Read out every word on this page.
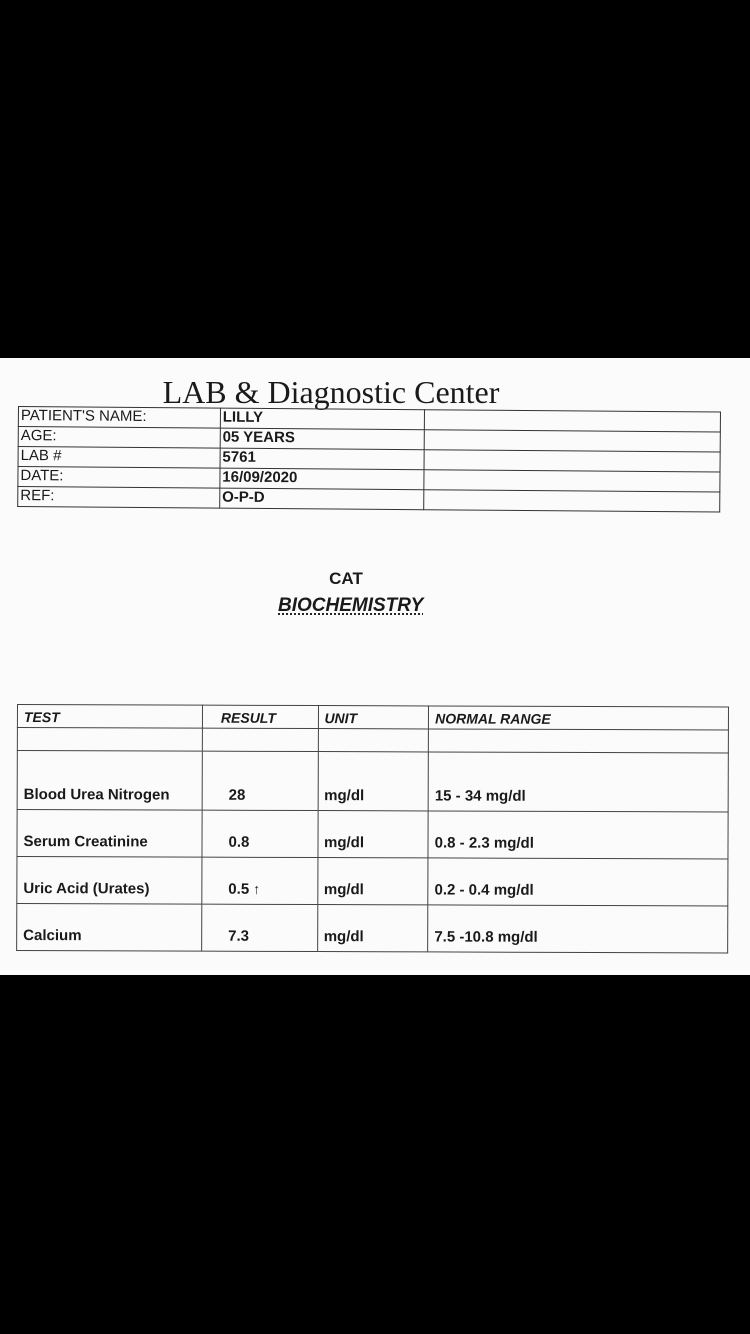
LAB & Diagnostic Center
PATIENT'S NAME:	LILLY	
AGE:	05 YEARS	
LAB #	5761	
DATE:	16/09/2020	
REF:	O-P-D	
CAT
BIOCHEMISTRY
TEST	RESULT	UNIT	NORMAL RANGE

Blood Urea Nitrogen	28	mg/dl	15 - 34 mg/dl
Serum Creatinine	0.8	mg/dl	0.8 - 2.3 mg/dl
Uric Acid (Urates)	0.5 ↑	mg/dl	0.2 - 0.4 mg/dl
Calcium	7.3	mg/dl	7.5 -10.8 mg/dl
